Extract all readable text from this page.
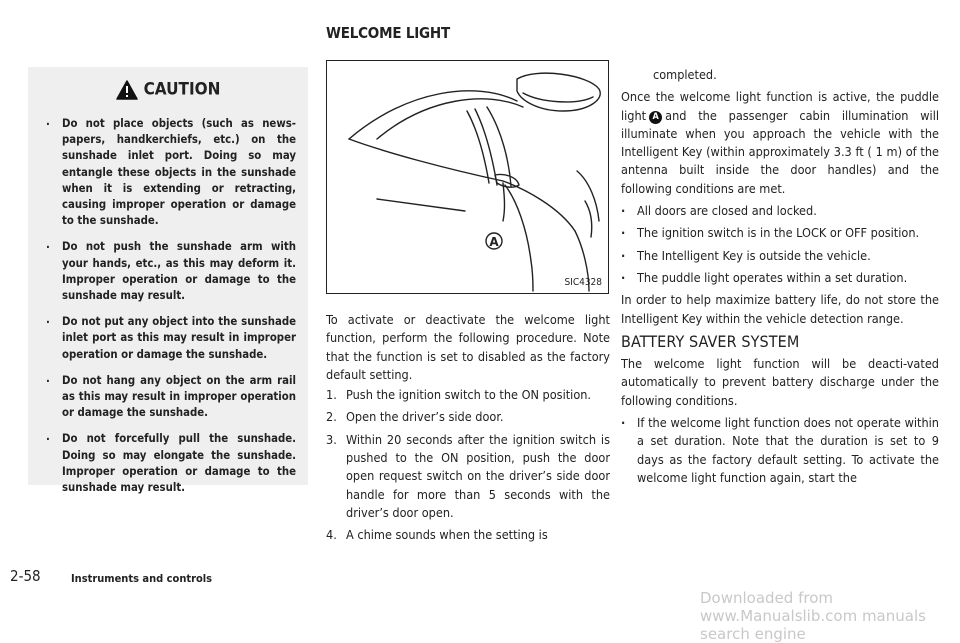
CAUTION
. Do not place objects (such as news-papers, handkerchiefs, etc.) on the sunshade inlet port. Doing so may entangle these objects in the sunshade when it is extending or retracting, causing improper operation or damage to the sunshade.
. Do not push the sunshade arm with your hands, etc., as this may deform it. Improper operation or damage to the sunshade may result.
. Do not put any object into the sunshade inlet port as this may result in improper operation or damage the sunshade.
. Do not hang any object on the arm rail as this may result in improper operation or damage the sunshade.
. Do not forcefully pull the sunshade. Doing so may elongate the sunshade. Improper operation or damage to the sunshade may result.
WELCOME LIGHT
A
SIC4328

To activate or deactivate the welcome light function, perform the following procedure. Note that the function is set to disabled as the factory default setting.

1. Push the ignition switch to the ON position.

2. Open the driver’s side door.

3. Within 20 seconds after the ignition switch is pushed to the ON position, push the door open request switch on the driver’s side door handle for more than 5 seconds with the driver’s door open.

4. A chime sounds when the setting is

completed.

Once the welcome light function is active, the puddle light A and the passenger cabin illumination will illuminate when you approach the vehicle with the Intelligent Key (within approximately 3.3 ft ( 1 m) of the antenna built inside the door handles) and the following conditions are met.

. All doors are closed and locked.

. The ignition switch is in the LOCK or OFF position.

. The Intelligent Key is outside the vehicle.

. The puddle light operates within a set duration.

In order to help maximize battery life, do not store the Intelligent Key within the vehicle detection range.

BATTERY SAVER SYSTEM

The welcome light function will be deacti-vated automatically to prevent battery discharge under the following conditions.

. If the welcome light function does not operate within a set duration. Note that the duration is set to 9 days as the factory default setting. To activate the welcome light function again, start the

2-58	Instruments and controls
Downloaded from www.Manualslib.com manuals search engine
